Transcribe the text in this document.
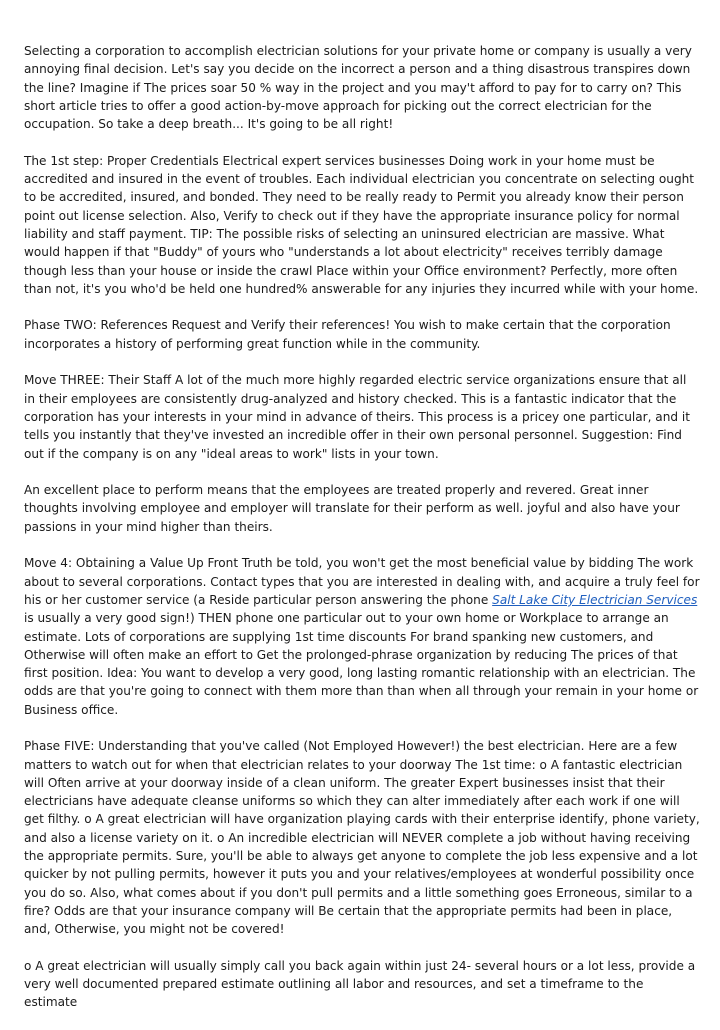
Selecting a corporation to accomplish electrician solutions for your private home or company is usually a very annoying final decision. Let's say you decide on the incorrect a person and a thing disastrous transpires down the line? Imagine if The prices soar 50 % way in the project and you may't afford to pay for to carry on? This short article tries to offer a good action-by-move approach for picking out the correct electrician for the occupation. So take a deep breath... It's going to be all right!

The 1st step: Proper Credentials Electrical expert services businesses Doing work in your home must be accredited and insured in the event of troubles. Each individual electrician you concentrate on selecting ought to be accredited, insured, and bonded. They need to be really ready to Permit you already know their person point out license selection. Also, Verify to check out if they have the appropriate insurance policy for normal liability and staff payment. TIP: The possible risks of selecting an uninsured electrician are massive. What would happen if that "Buddy" of yours who "understands a lot about electricity" receives terribly damage though less than your house or inside the crawl Place within your Office environment? Perfectly, more often than not, it's you who'd be held one hundred% answerable for any injuries they incurred while with your home.

Phase TWO: References Request and Verify their references! You wish to make certain that the corporation incorporates a history of performing great function while in the community.

Move THREE: Their Staff A lot of the much more highly regarded electric service organizations ensure that all in their employees are consistently drug-analyzed and history checked. This is a fantastic indicator that the corporation has your interests in your mind in advance of theirs. This process is a pricey one particular, and it tells you instantly that they've invested an incredible offer in their own personal personnel. Suggestion: Find out if the company is on any "ideal areas to work" lists in your town.

An excellent place to perform means that the employees are treated properly and revered. Great inner thoughts involving employee and employer will translate for their perform as well. joyful and also have your passions in your mind higher than theirs.

Move 4: Obtaining a Value Up Front Truth be told, you won't get the most beneficial value by bidding The work about to several corporations. Contact types that you are interested in dealing with, and acquire a truly feel for his or her customer service (a Reside particular person answering the phone Salt Lake City Electrician Services is usually a very good sign!) THEN phone one particular out to your own home or Workplace to arrange an estimate. Lots of corporations are supplying 1st time discounts For brand spanking new customers, and Otherwise will often make an effort to Get the prolonged-phrase organization by reducing The prices of that first position. Idea: You want to develop a very good, long lasting romantic relationship with an electrician. The odds are that you're going to connect with them more than than when all through your remain in your home or Business office.

Phase FIVE: Understanding that you've called (Not Employed However!) the best electrician. Here are a few matters to watch out for when that electrician relates to your doorway The 1st time: o A fantastic electrician will Often arrive at your doorway inside of a clean uniform. The greater Expert businesses insist that their electricians have adequate cleanse uniforms so which they can alter immediately after each work if one will get filthy. o A great electrician will have organization playing cards with their enterprise identify, phone variety, and also a license variety on it. o An incredible electrician will NEVER complete a job without having receiving the appropriate permits. Sure, you'll be able to always get anyone to complete the job less expensive and a lot quicker by not pulling permits, however it puts you and your relatives/employees at wonderful possibility once you do so. Also, what comes about if you don't pull permits and a little something goes Erroneous, similar to a fire? Odds are that your insurance company will Be certain that the appropriate permits had been in place, and, Otherwise, you might not be covered!

o A great electrician will usually simply call you back again within just 24- several hours or a lot less, provide a very well documented prepared estimate outlining all labor and resources, and set a timeframe to the estimate
